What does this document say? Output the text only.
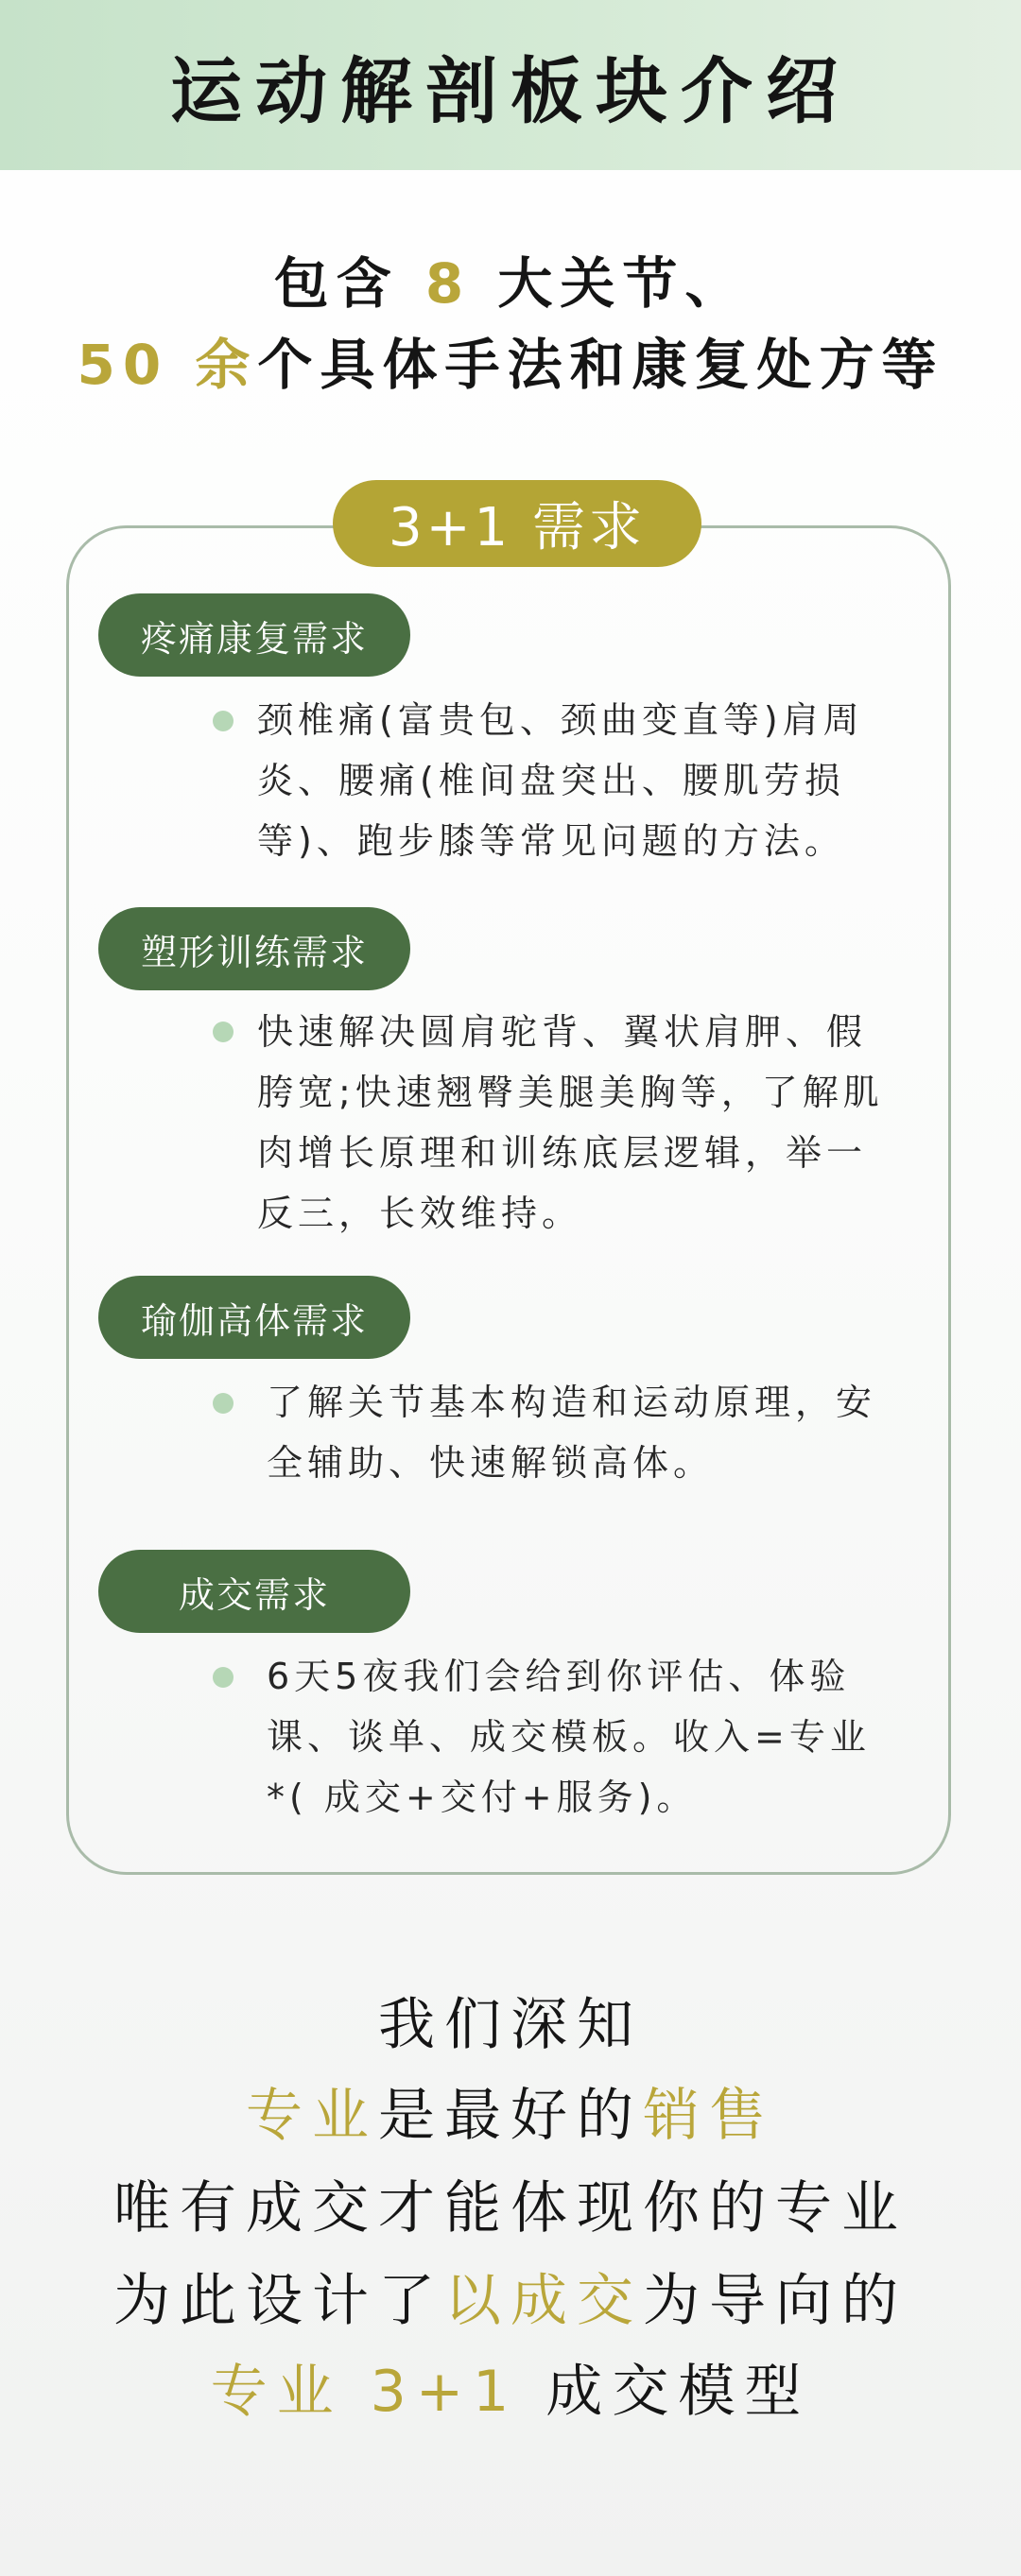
运动解剖板块介绍
包含 8 大关节、
50 余个具体手法和康复处方等
3+1 需求
疼痛康复需求
颈椎痛(富贵包、颈曲变直等)肩周
炎、腰痛(椎间盘突出、腰肌劳损
等)、跑步膝等常见问题的方法。
塑形训练需求
快速解决圆肩驼背、翼状肩胛、假
胯宽;快速翘臀美腿美胸等，了解肌
肉增长原理和训练底层逻辑，举一
反三，长效维持。
瑜伽高体需求
了解关节基本构造和运动原理，安
全辅助、快速解锁高体。
成交需求
6天5夜我们会给到你评估、体验
课、谈单、成交模板。收入=专业
*( 成交+交付+服务)。
我们深知
专业是最好的销售
唯有成交才能体现你的专业
为此设计了以成交为导向的
专业 3+1 成交模型
